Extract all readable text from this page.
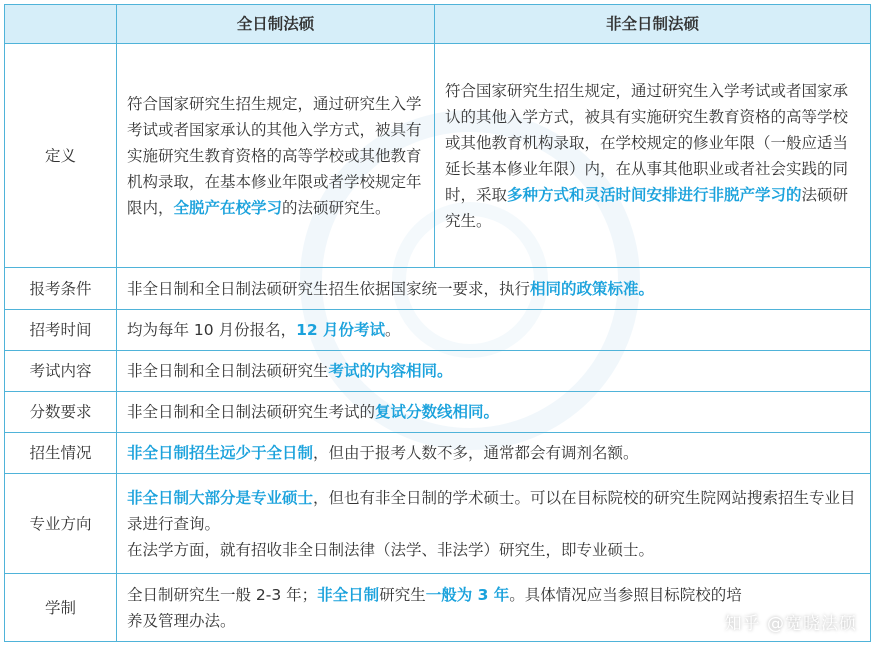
	全日制法硕	非全日制法硕
定义	符合国家研究生招生规定，通过研究生入学考试或者国家承认的其他入学方式，被具有实施研究生教育资格的高等学校或其他教育机构录取，在基本修业年限或者学校规定年限内，全脱产在校学习的法硕研究生。	符合国家研究生招生规定，通过研究生入学考试或者国家承认的其他入学方式，被具有实施研究生教育资格的高等学校或其他教育机构录取，在学校规定的修业年限（一般应适当延长基本修业年限）内，在从事其他职业或者社会实践的同时，采取多种方式和灵活时间安排进行非脱产学习的法硕研究生。
报考条件	非全日制和全日制法硕研究生招生依据国家统一要求，执行相同的政策标准。	
招考时间	均为每年 10 月份报名，12 月份考试。	
考试内容	非全日制和全日制法硕研究生考试的内容相同。	
分数要求	非全日制和全日制法硕研究生考试的复试分数线相同。	
招生情况	非全日制招生远少于全日制，但由于报考人数不多，通常都会有调剂名额。	
专业方向	非全日制大部分是专业硕士，但也有非全日制的学术硕士。可以在目标院校的研究生院网站搜索招生专业目录进行查询。
在法学方面，就有招收非全日制法律（法学、非法学）研究生，即专业硕士。	
学制	全日制研究生一般 2-3 年；非全日制研究生一般为 3 年。具体情况应当参照目标院校的培养及管理办法。		知乎 @宽晓法硕
